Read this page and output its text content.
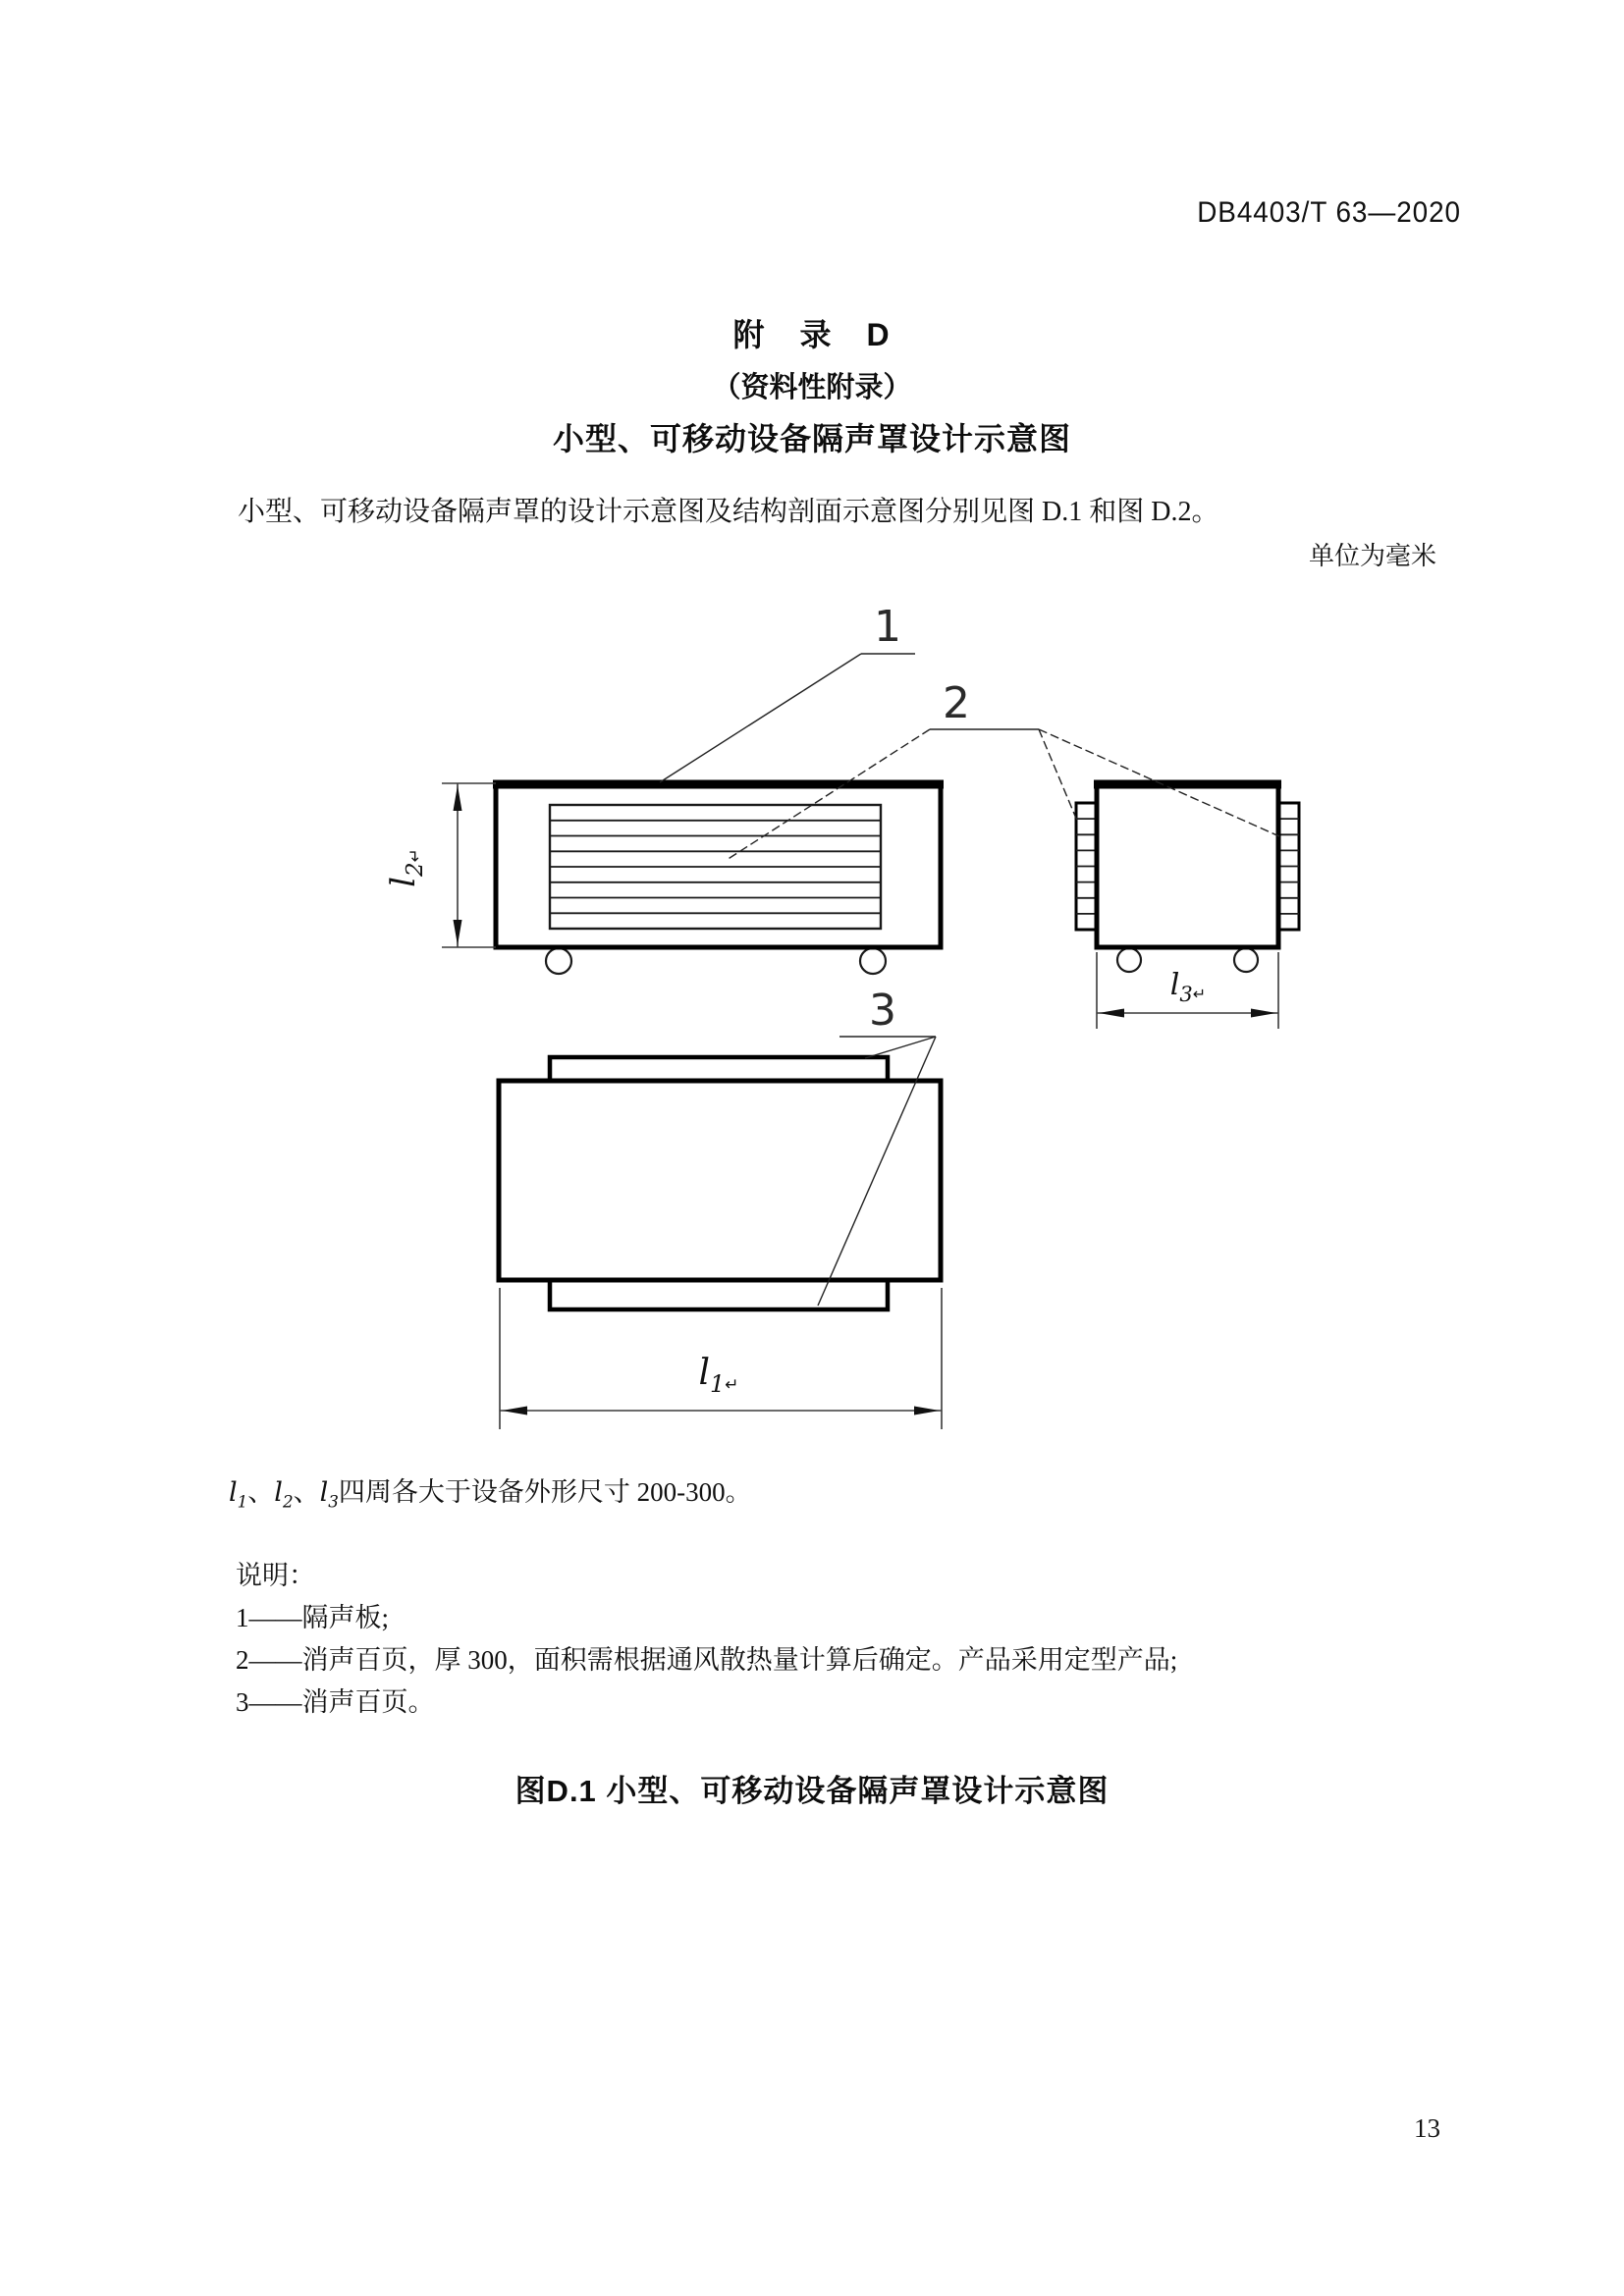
DB4403/T 63—2020
附　录　D
（资料性附录）
小型、可移动设备隔声罩设计示意图
小型、可移动设备隔声罩的设计示意图及结构剖面示意图分别见图 D.1 和图 D.2。
单位为毫米
$l_2↵$
$l_3↵$
$l_1↵$
1
2
3
$l_1$、$l_2$、$l_3$四周各大于设备外形尺寸 200-300。
说明：
1——隔声板;
2——消声百页，厚 300，面积需根据通风散热量计算后确定。产品采用定型产品;
3——消声百页。
图D.1 小型、可移动设备隔声罩设计示意图
13
